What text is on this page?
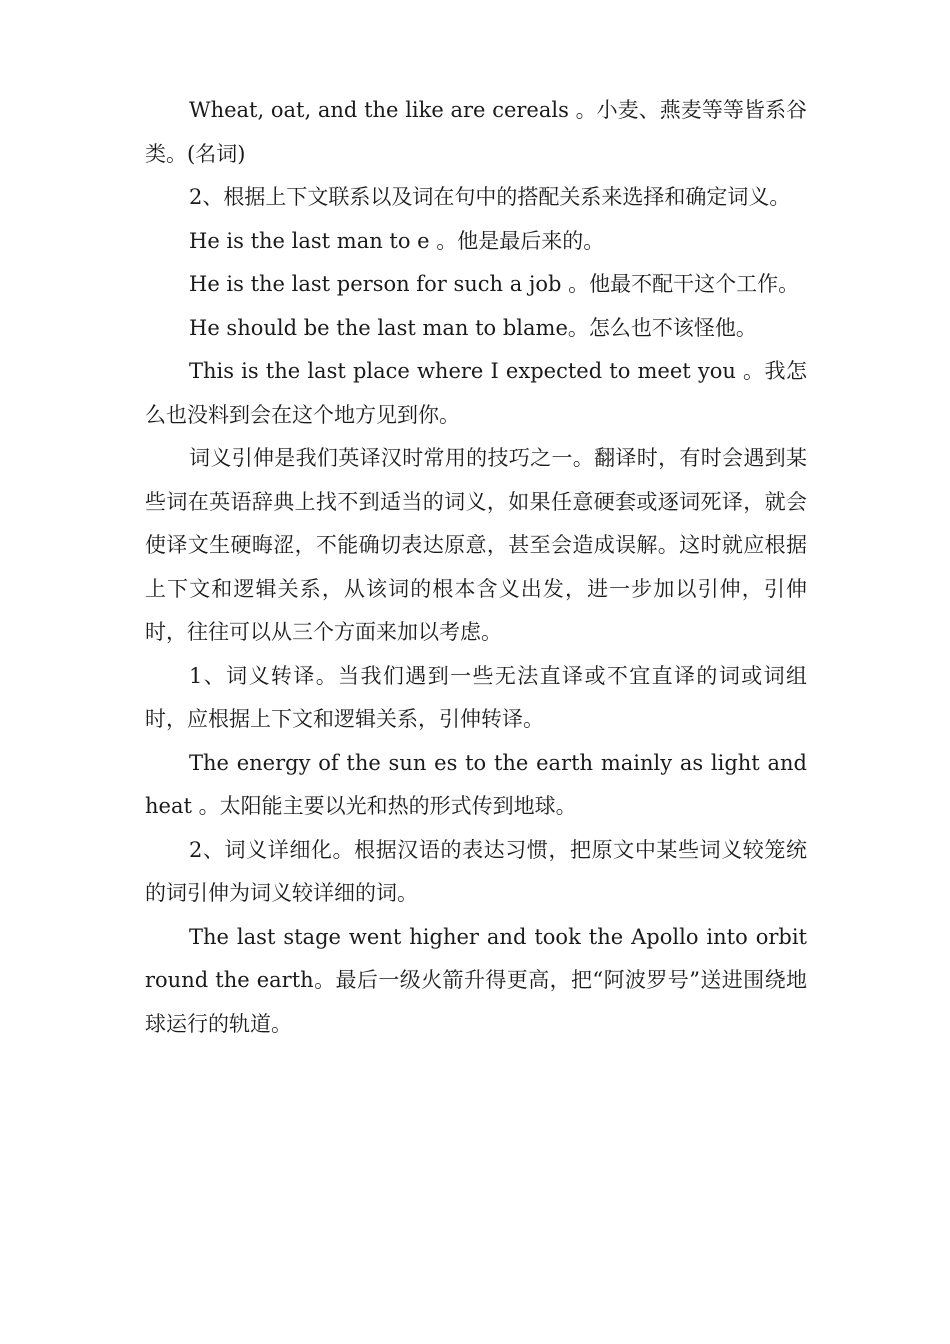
Wheat, oat, and the like are cereals 。小麦、燕麦等等皆系谷类。(名词)

2、根据上下文联系以及词在句中的搭配关系来选择和确定词义。

He is the last man to e 。他是最后来的。

He is the last person for such a job 。他最不配干这个工作。

He should be the last man to blame。怎么也不该怪他。

This is the last place where I expected to meet you 。我怎么也没料到会在这个地方见到你。

词义引伸是我们英译汉时常用的技巧之一。翻译时，有时会遇到某些词在英语辞典上找不到适当的词义，如果任意硬套或逐词死译，就会使译文生硬晦涩，不能确切表达原意，甚至会造成误解。这时就应根据上下文和逻辑关系，从该词的根本含义出发，进一步加以引伸，引伸时，往往可以从三个方面来加以考虑。

1、词义转译。当我们遇到一些无法直译或不宜直译的词或词组时，应根据上下文和逻辑关系，引伸转译。

The energy of the sun es to the earth mainly as light and heat 。太阳能主要以光和热的形式传到地球。

2、词义详细化。根据汉语的表达习惯，把原文中某些词义较笼统的词引伸为词义较详细的词。

The last stage went higher and took the Apollo into orbit round the earth。最后一级火箭升得更高，把“阿波罗号”送进围绕地球运行的轨道。
